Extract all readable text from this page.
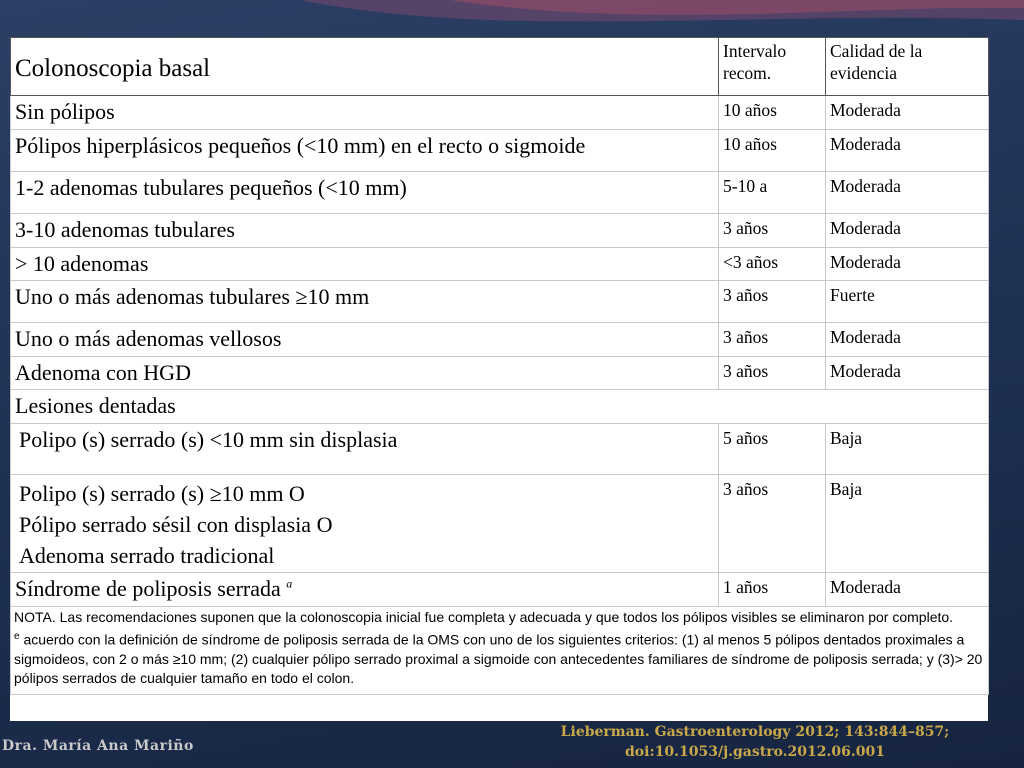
Colonoscopia basal	Intervalo recom.	Calidad de la evidencia
Sin pólipos	10 años	Moderada
Pólipos hiperplásicos pequeños (<10 mm) en el recto o sigmoide	10 años	Moderada
1-2 adenomas tubulares pequeños (<10 mm)	5-10 a	Moderada
3-10 adenomas tubulares	3 años	Moderada
> 10 adenomas	<3 años	Moderada
Uno o más adenomas tubulares ≥10 mm	3 años	Fuerte
Uno o más adenomas vellosos	3 años	Moderada
Adenoma con HGD	3 años	Moderada
Lesiones dentadas		
Polipo (s) serrado (s) <10 mm sin displasia	5 años	Baja

Polipo (s) serrado (s) ≥10 mm O
Pólipo serrado sésil con displasia O
Adenoma serrado tradicional	3 años	Baja
Síndrome de poliposis serrada $^a$	1 años	Moderada

NOTA. Las recomendaciones suponen que la colonoscopia inicial fue completa y adecuada y que todos los pólipos visibles se eliminaron por completo.
$^e$ acuerdo con la definición de síndrome de poliposis serrada de la OMS con uno de los siguientes criterios: (1) al menos 5 pólipos dentados proximales a sigmoideos, con 2 o más ≥10 mm; (2) cualquier pólipo serrado proximal a sigmoide con antecedentes familiares de síndrome de poliposis serrada; y (3)> 20 pólipos serrados de cualquier tamaño en todo el colon.		
Dra. María Ana Mariño
Lieberman. Gastroenterology 2012; 143:844–857;
doi:10.1053/j.gastro.2012.06.001
